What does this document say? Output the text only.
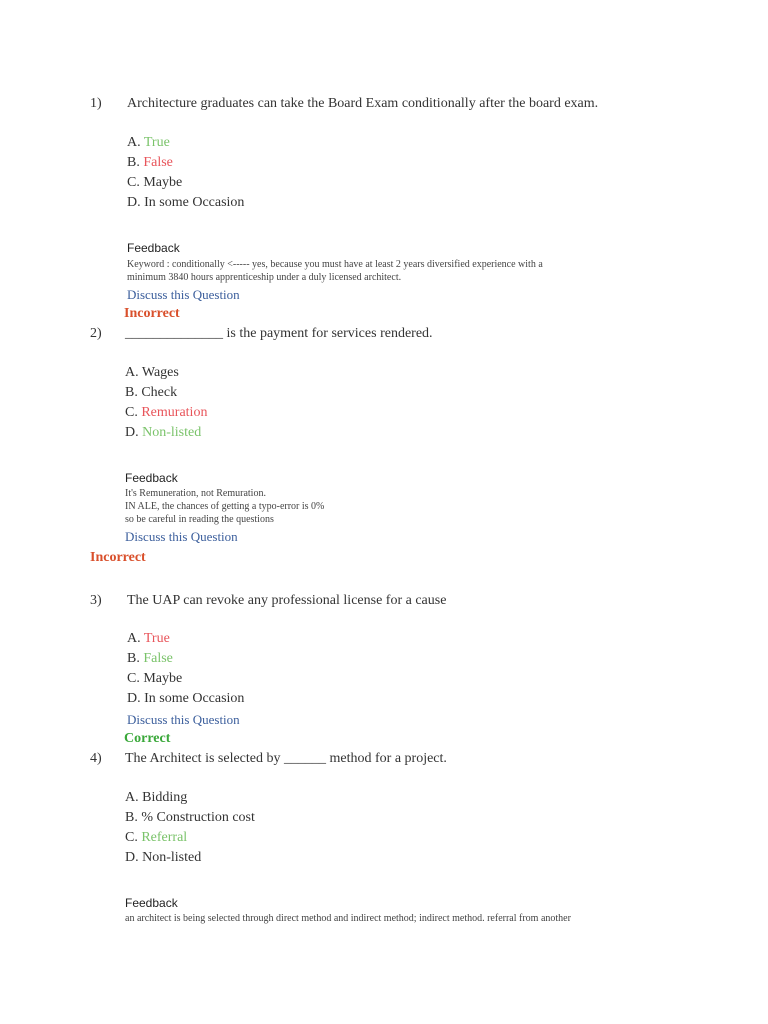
1) Architecture graduates can take the Board Exam conditionally after the board exam.
A. True
B. False
C. Maybe
D. In some Occasion
Feedback
Keyword : conditionally <----- yes, because you must have at least 2 years diversified experience with a
minimum 3840 hours apprenticeship under a duly licensed architect.
Discuss this Question
Incorrect
2) ______________ is the payment for services rendered.
A. Wages
B. Check
C. Remuration
D. Non-listed
Feedback
It's Remuneration, not Remuration.
IN ALE, the chances of getting a typo-error is 0%
so be careful in reading the questions
Discuss this Question
Incorrect
3) The UAP can revoke any professional license for a cause
A. True
B. False
C. Maybe
D. In some Occasion
Discuss this Question
Correct
4) The Architect is selected by ______ method for a project.
A. Bidding
B. % Construction cost
C. Referral
D. Non-listed
Feedback
an architect is being selected through direct method and indirect method; indirect method. referral from another
